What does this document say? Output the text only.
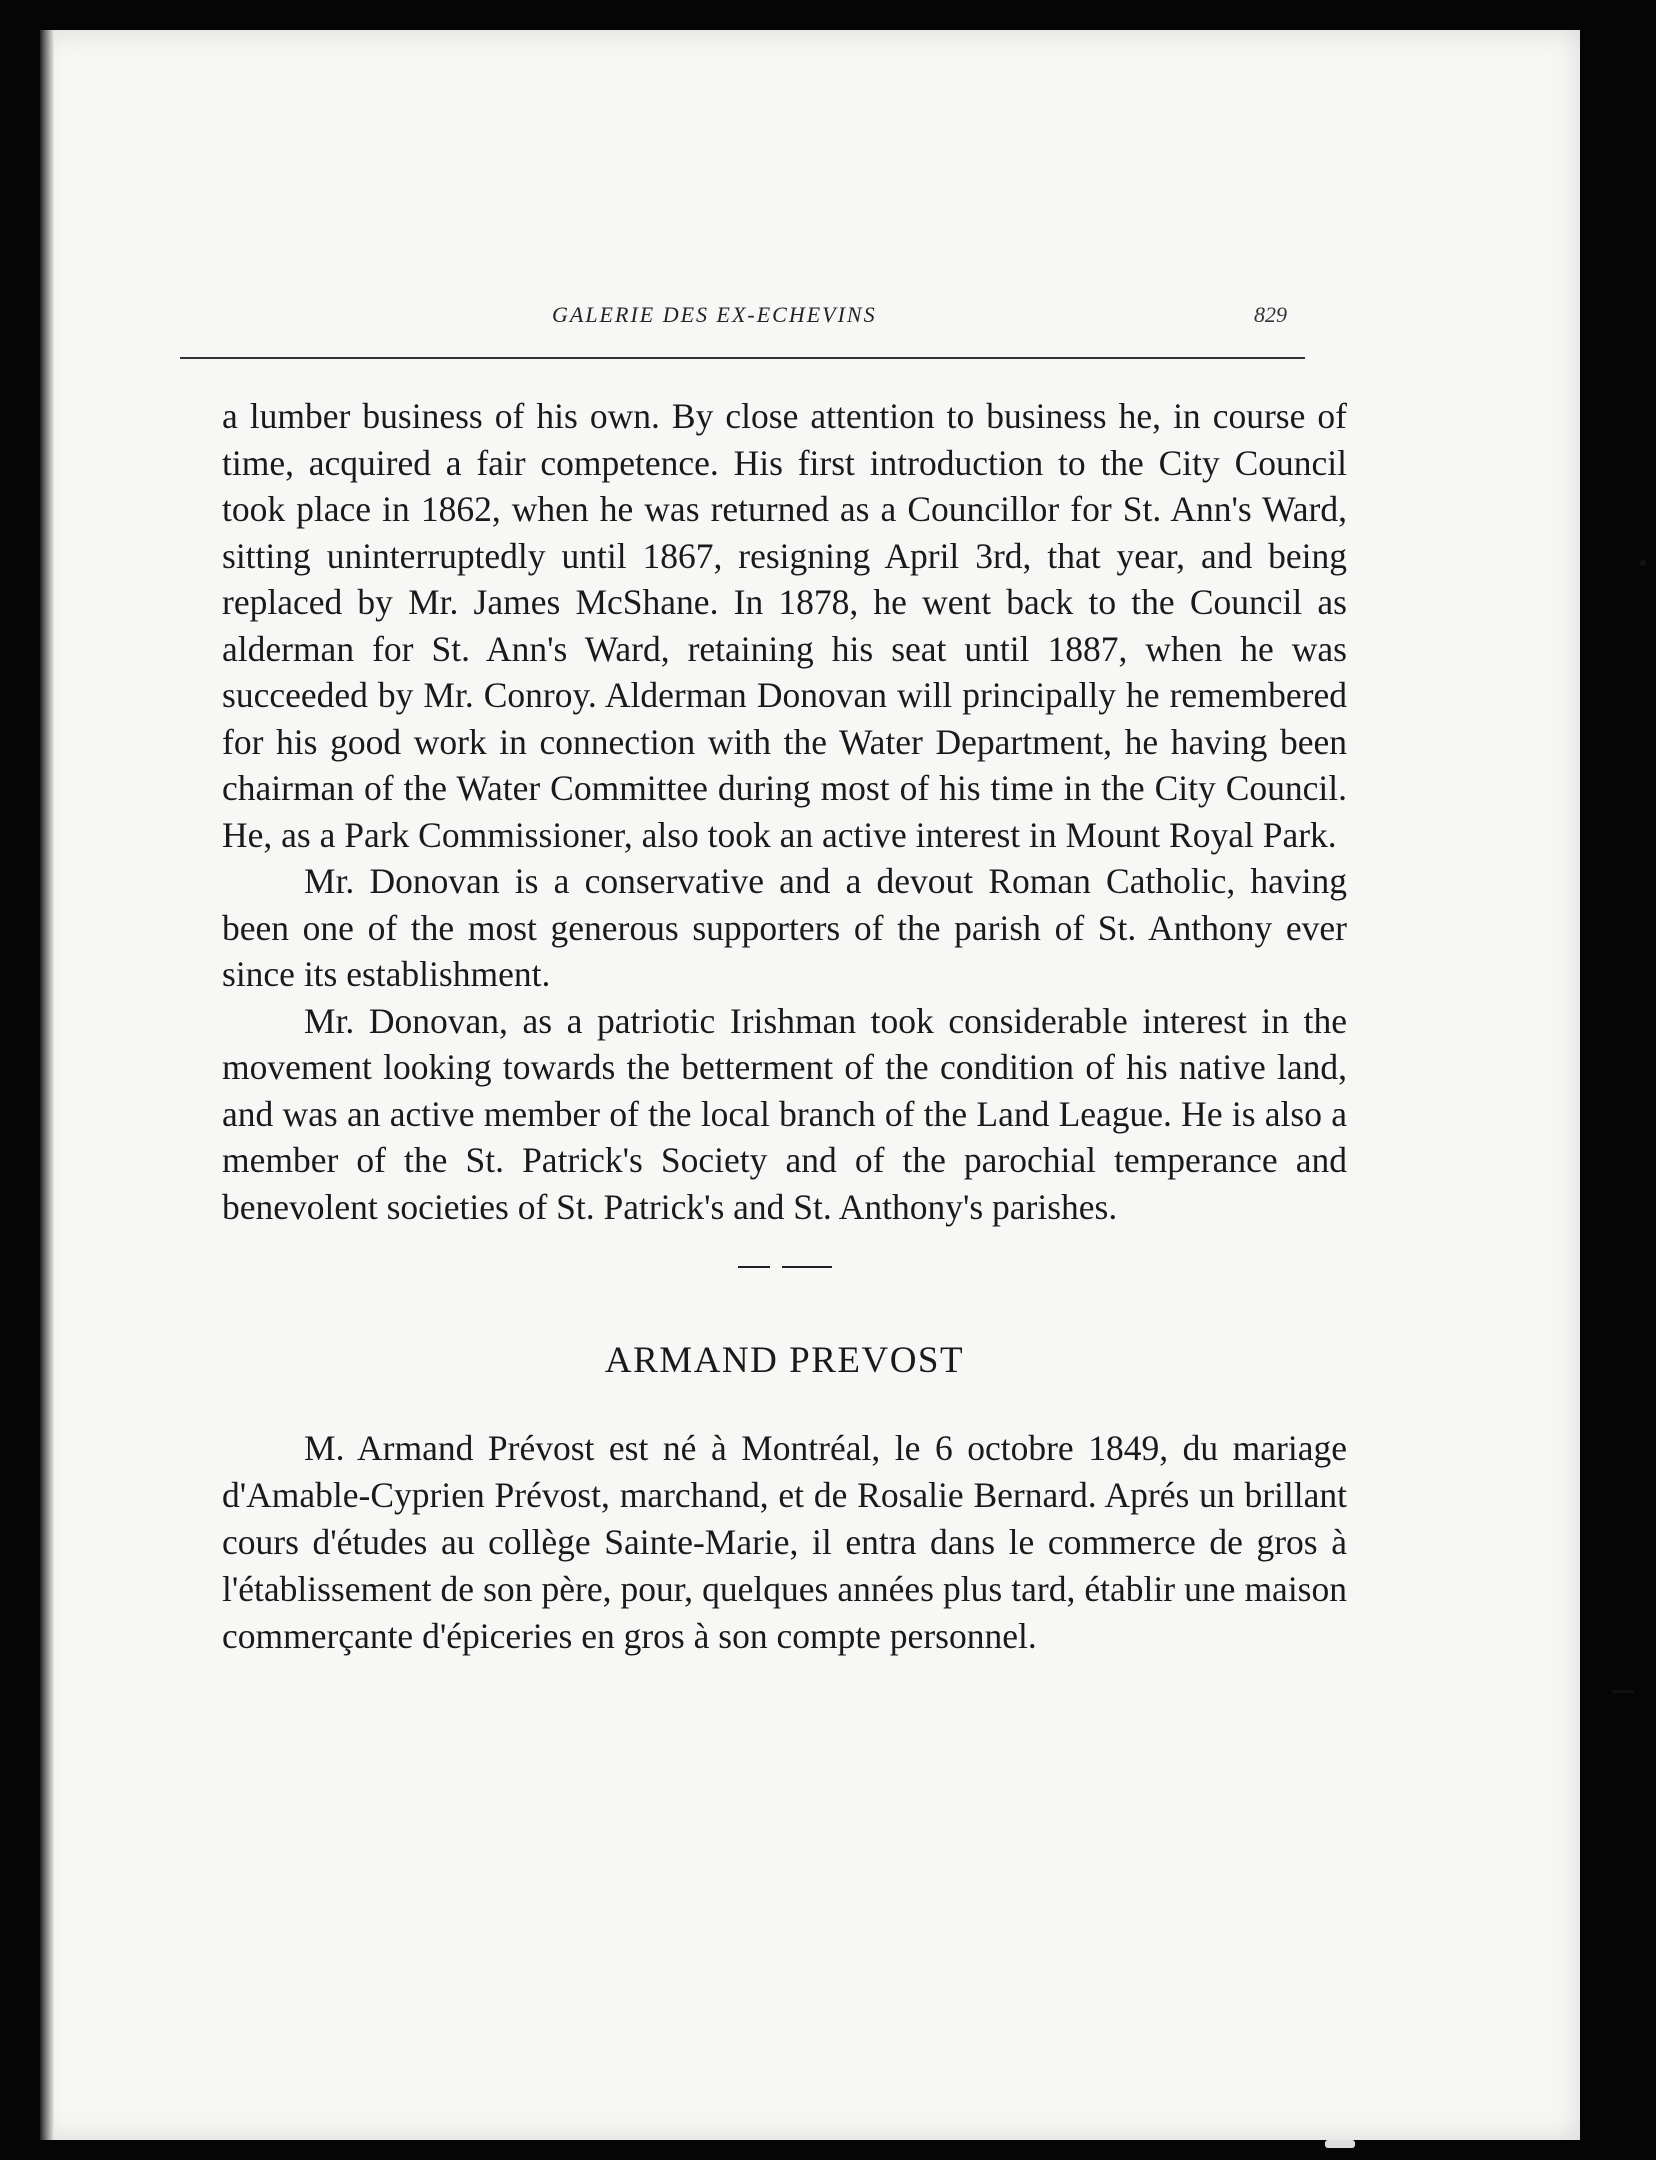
GALERIE DES EX-ECHEVINS	829

a lumber business of his own. By close attention to business he, in course of time, acquired a fair competence. His first introduction to the City Council took place in 1862, when he was returned as a Councillor for St. Ann's Ward, sitting uninterruptedly until 1867, resigning April 3rd, that year, and being replaced by Mr. James McShane. In 1878, he went back to the Council as alderman for St. Ann's Ward, retaining his seat until 1887, when he was succeeded by Mr. Conroy. Alderman Donovan will principally he remembered for his good work in connection with the Water Department, he having been chairman of the Water Committee during most of his time in the City Council. He, as a Park Commissioner, also took an active interest in Mount Royal Park.

Mr. Donovan is a conservative and a devout Roman Catholic, having been one of the most generous supporters of the parish of St. Anthony ever since its establishment.

Mr. Donovan, as a patriotic Irishman took considerable interest in the movement looking towards the betterment of the condition of his native land, and was an active member of the local branch of the Land League. He is also a member of the St. Patrick's Society and of the parochial temperance and benevolent societies of St. Patrick's and St. Anthony's parishes.

ARMAND PREVOST

M. Armand Prévost est né à Montréal, le 6 octobre 1849, du mariage d'Amable-Cyprien Prévost, marchand, et de Rosalie Bernard. Aprés un brillant cours d'études au collège Sainte-Marie, il entra dans le commerce de gros à l'établissement de son père, pour, quelques années plus tard, établir une maison commerçante d'épiceries en gros à son compte personnel.
